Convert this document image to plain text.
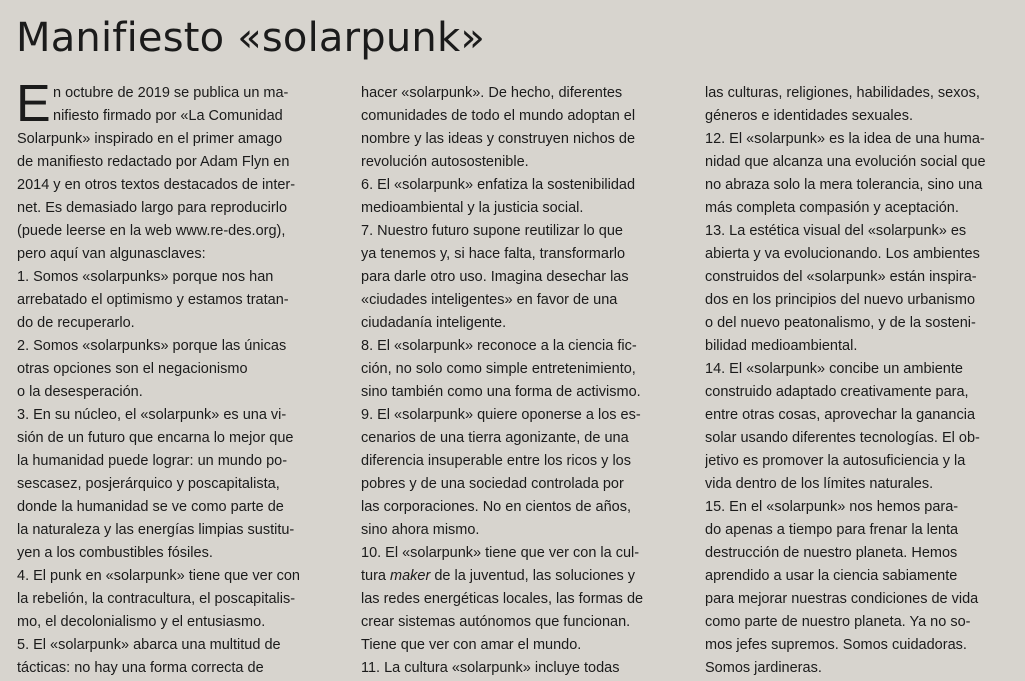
Manifiesto «solarpunk»
E n octubre de 2019 se publica un ma-
nifiesto firmado por «La Comunidad
Solarpunk» inspirado en el primer amago
de manifiesto redactado por Adam Flyn en
2014 y en otros textos destacados de inter-
net. Es demasiado largo para reproducirlo
(puede leerse en la web www.re-des.org),
pero aquí van algunasclaves:
1. Somos «solarpunks» porque nos han
arrebatado el optimismo y estamos tratan-
do de recuperarlo.
2. Somos «solarpunks» porque las únicas
otras opciones son el negacionismo
o la desesperación.
3. En su núcleo, el «solarpunk» es una vi-
sión de un futuro que encarna lo mejor que
la humanidad puede lograr: un mundo po-
sescasez, posjerárquico y poscapitalista,
donde la humanidad se ve como parte de
la naturaleza y las energías limpias sustitu-
yen a los combustibles fósiles.
4. El punk en «solarpunk» tiene que ver con
la rebelión, la contracultura, el poscapitalis-
mo, el decolonialismo y el entusiasmo.
5. El «solarpunk» abarca una multitud de
tácticas: no hay una forma correcta de
hacer «solarpunk». De hecho, diferentes
comunidades de todo el mundo adoptan el
nombre y las ideas y construyen nichos de
revolución autosostenible.
6. El «solarpunk» enfatiza la sostenibilidad
medioambiental y la justicia social.
7. Nuestro futuro supone reutilizar lo que
ya tenemos y, si hace falta, transformarlo
para darle otro uso. Imagina desechar las
«ciudades inteligentes» en favor de una
ciudadanía inteligente.
8. El «solarpunk» reconoce a la ciencia fic-
ción, no solo como simple entretenimiento,
sino también como una forma de activismo.
9. El «solarpunk» quiere oponerse a los es-
cenarios de una tierra agonizante, de una
diferencia insuperable entre los ricos y los
pobres y de una sociedad controlada por
las corporaciones. No en cientos de años,
sino ahora mismo.
10. El «solarpunk» tiene que ver con la cul-
tura maker de la juventud, las soluciones y
las redes energéticas locales, las formas de
crear sistemas autónomos que funcionan.
Tiene que ver con amar el mundo.
11. La cultura «solarpunk» incluye todas
las culturas, religiones, habilidades, sexos,
géneros e identidades sexuales.
12. El «solarpunk» es la idea de una huma-
nidad que alcanza una evolución social que
no abraza solo la mera tolerancia, sino una
más completa compasión y aceptación.
13. La estética visual del «solarpunk» es
abierta y va evolucionando. Los ambientes
construidos del «solarpunk» están inspira-
dos en los principios del nuevo urbanismo
o del nuevo peatonalismo, y de la sosteni-
bilidad medioambiental.
14. El «solarpunk» concibe un ambiente
construido adaptado creativamente para,
entre otras cosas, aprovechar la ganancia
solar usando diferentes tecnologías. El ob-
jetivo es promover la autosuficiencia y la
vida dentro de los límites naturales.
15. En el «solarpunk» nos hemos para-
do apenas a tiempo para frenar la lenta
destrucción de nuestro planeta. Hemos
aprendido a usar la ciencia sabiamente
para mejorar nuestras condiciones de vida
como parte de nuestro planeta. Ya no so-
mos jefes supremos. Somos cuidadoras.
Somos jardineras.
